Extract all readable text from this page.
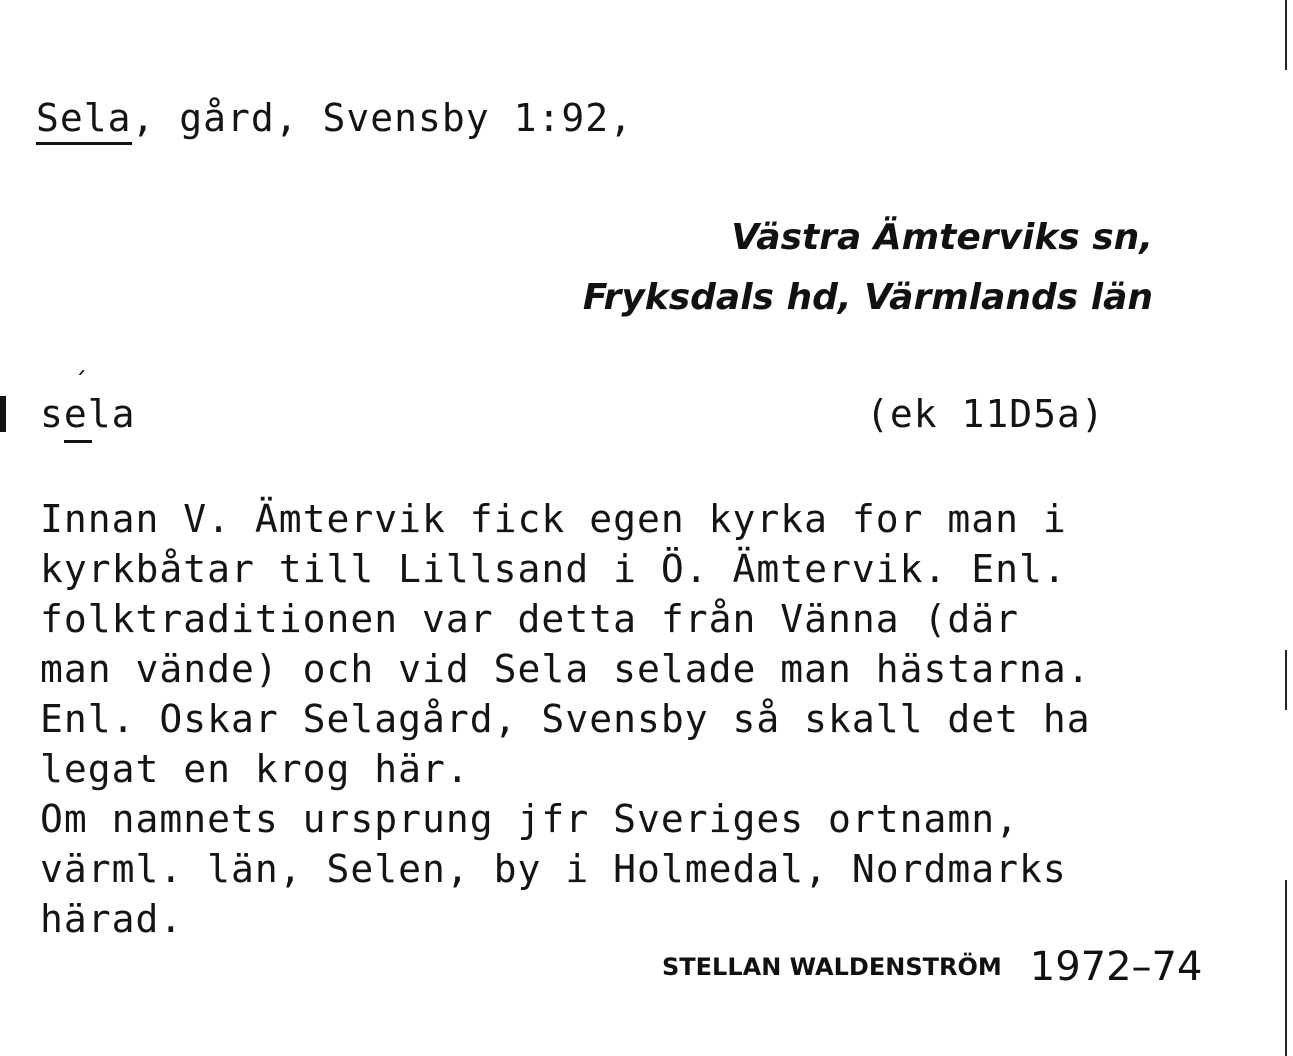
Sela, gård, Svensby 1:92,
Västra Ämterviks sn,
Fryksdals hd, Värmlands län
ˊ
sela	(ek 11D5a)
Innan V. Ämtervik fick egen kyrka for man i
kyrkbåtar till Lillsand i Ö. Ämtervik. Enl.
folktraditionen var detta från Vänna (där
man vände) och vid Sela selade man hästarna.
Enl. Oskar Selagård, Svensby så skall det ha
legat en krog här.
Om namnets ursprung jfr Sveriges ortnamn,
värml. län, Selen, by i Holmedal, Nordmarks
härad.
STELLAN WALDENSTRÖM 1972–74
